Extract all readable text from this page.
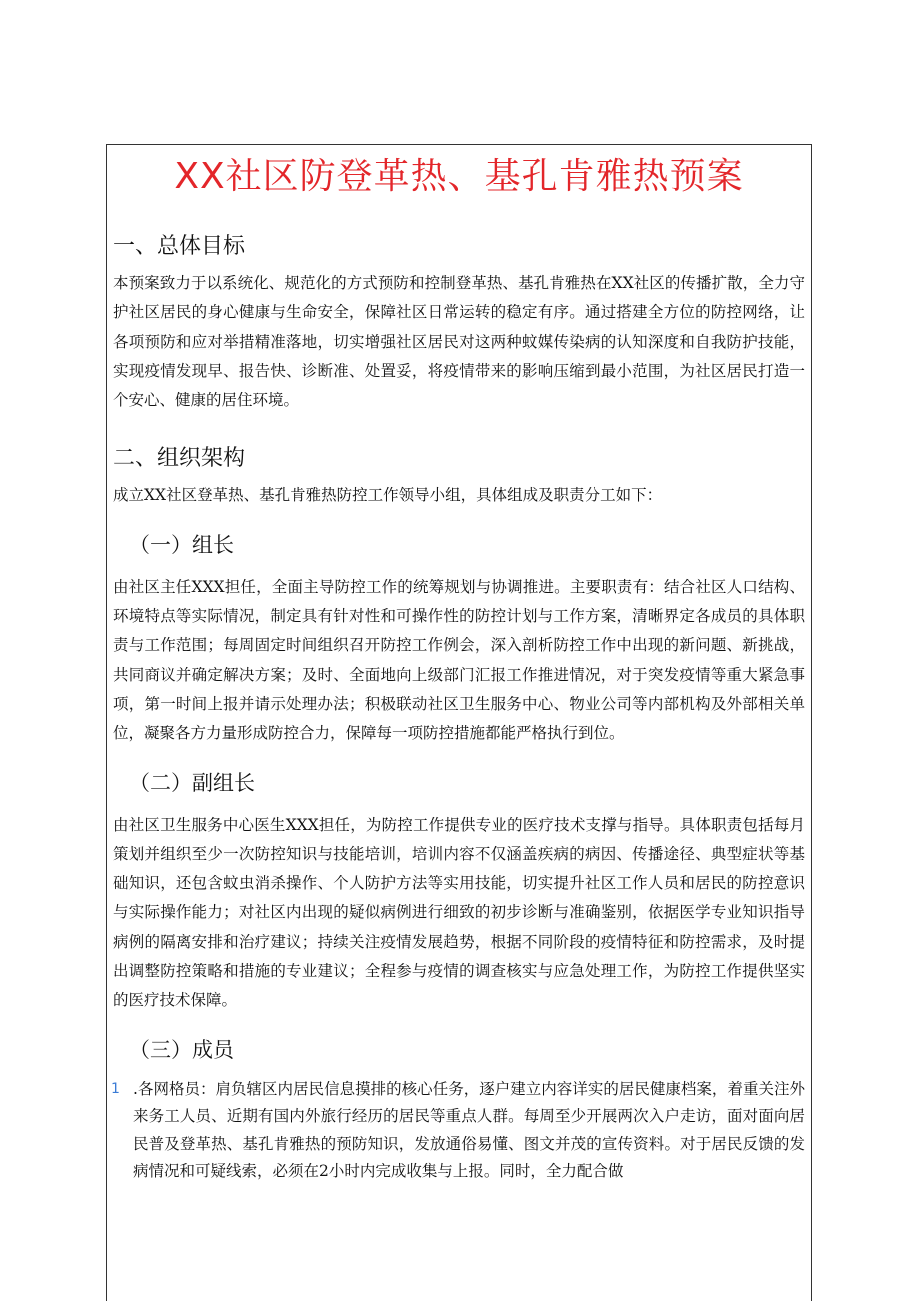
XX社区防登革热、基孔肯雅热预案
一、总体目标

本预案致力于以系统化、规范化的方式预防和控制登革热、基孔肯雅热在XX社区的传播扩散，全力守护社区居民的身心健康与生命安全，保障社区日常运转的稳定有序。通过搭建全方位的防控网络，让各项预防和应对举措精准落地，切实增强社区居民对这两种蚊媒传染病的认知深度和自我防护技能，实现疫情发现早、报告快、诊断准、处置妥，将疫情带来的影响压缩到最小范围，为社区居民打造一个安心、健康的居住环境。

二、组织架构

成立XX社区登革热、基孔肯雅热防控工作领导小组，具体组成及职责分工如下：

（一）组长

由社区主任XXX担任，全面主导防控工作的统筹规划与协调推进。主要职责有：结合社区人口结构、环境特点等实际情况，制定具有针对性和可操作性的防控计划与工作方案，清晰界定各成员的具体职责与工作范围；每周固定时间组织召开防控工作例会，深入剖析防控工作中出现的新问题、新挑战，共同商议并确定解决方案；及时、全面地向上级部门汇报工作推进情况，对于突发疫情等重大紧急事项，第一时间上报并请示处理办法；积极联动社区卫生服务中心、物业公司等内部机构及外部相关单位，凝聚各方力量形成防控合力，保障每一项防控措施都能严格执行到位。

（二）副组长

由社区卫生服务中心医生XXX担任，为防控工作提供专业的医疗技术支撑与指导。具体职责包括每月策划并组织至少一次防控知识与技能培训，培训内容不仅涵盖疾病的病因、传播途径、典型症状等基础知识，还包含蚊虫消杀操作、个人防护方法等实用技能，切实提升社区工作人员和居民的防控意识与实际操作能力；对社区内出现的疑似病例进行细致的初步诊断与准确鉴别，依据医学专业知识指导病例的隔离安排和治疗建议；持续关注疫情发展趋势，根据不同阶段的疫情特征和防控需求，及时提出调整防控策略和措施的专业建议；全程参与疫情的调查核实与应急处理工作，为防控工作提供坚实的医疗技术保障。

（三）成员
1 .各网格员：肩负辖区内居民信息摸排的核心任务，逐户建立内容详实的居民健康档案，着重关注外来务工人员、近期有国内外旅行经历的居民等重点人群。每周至少开展两次入户走访，面对面向居民普及登革热、基孔肯雅热的预防知识，发放通俗易懂、图文并茂的宣传资料。对于居民反馈的发病情况和可疑线索，必须在2小时内完成收集与上报。同时，全力配合做
